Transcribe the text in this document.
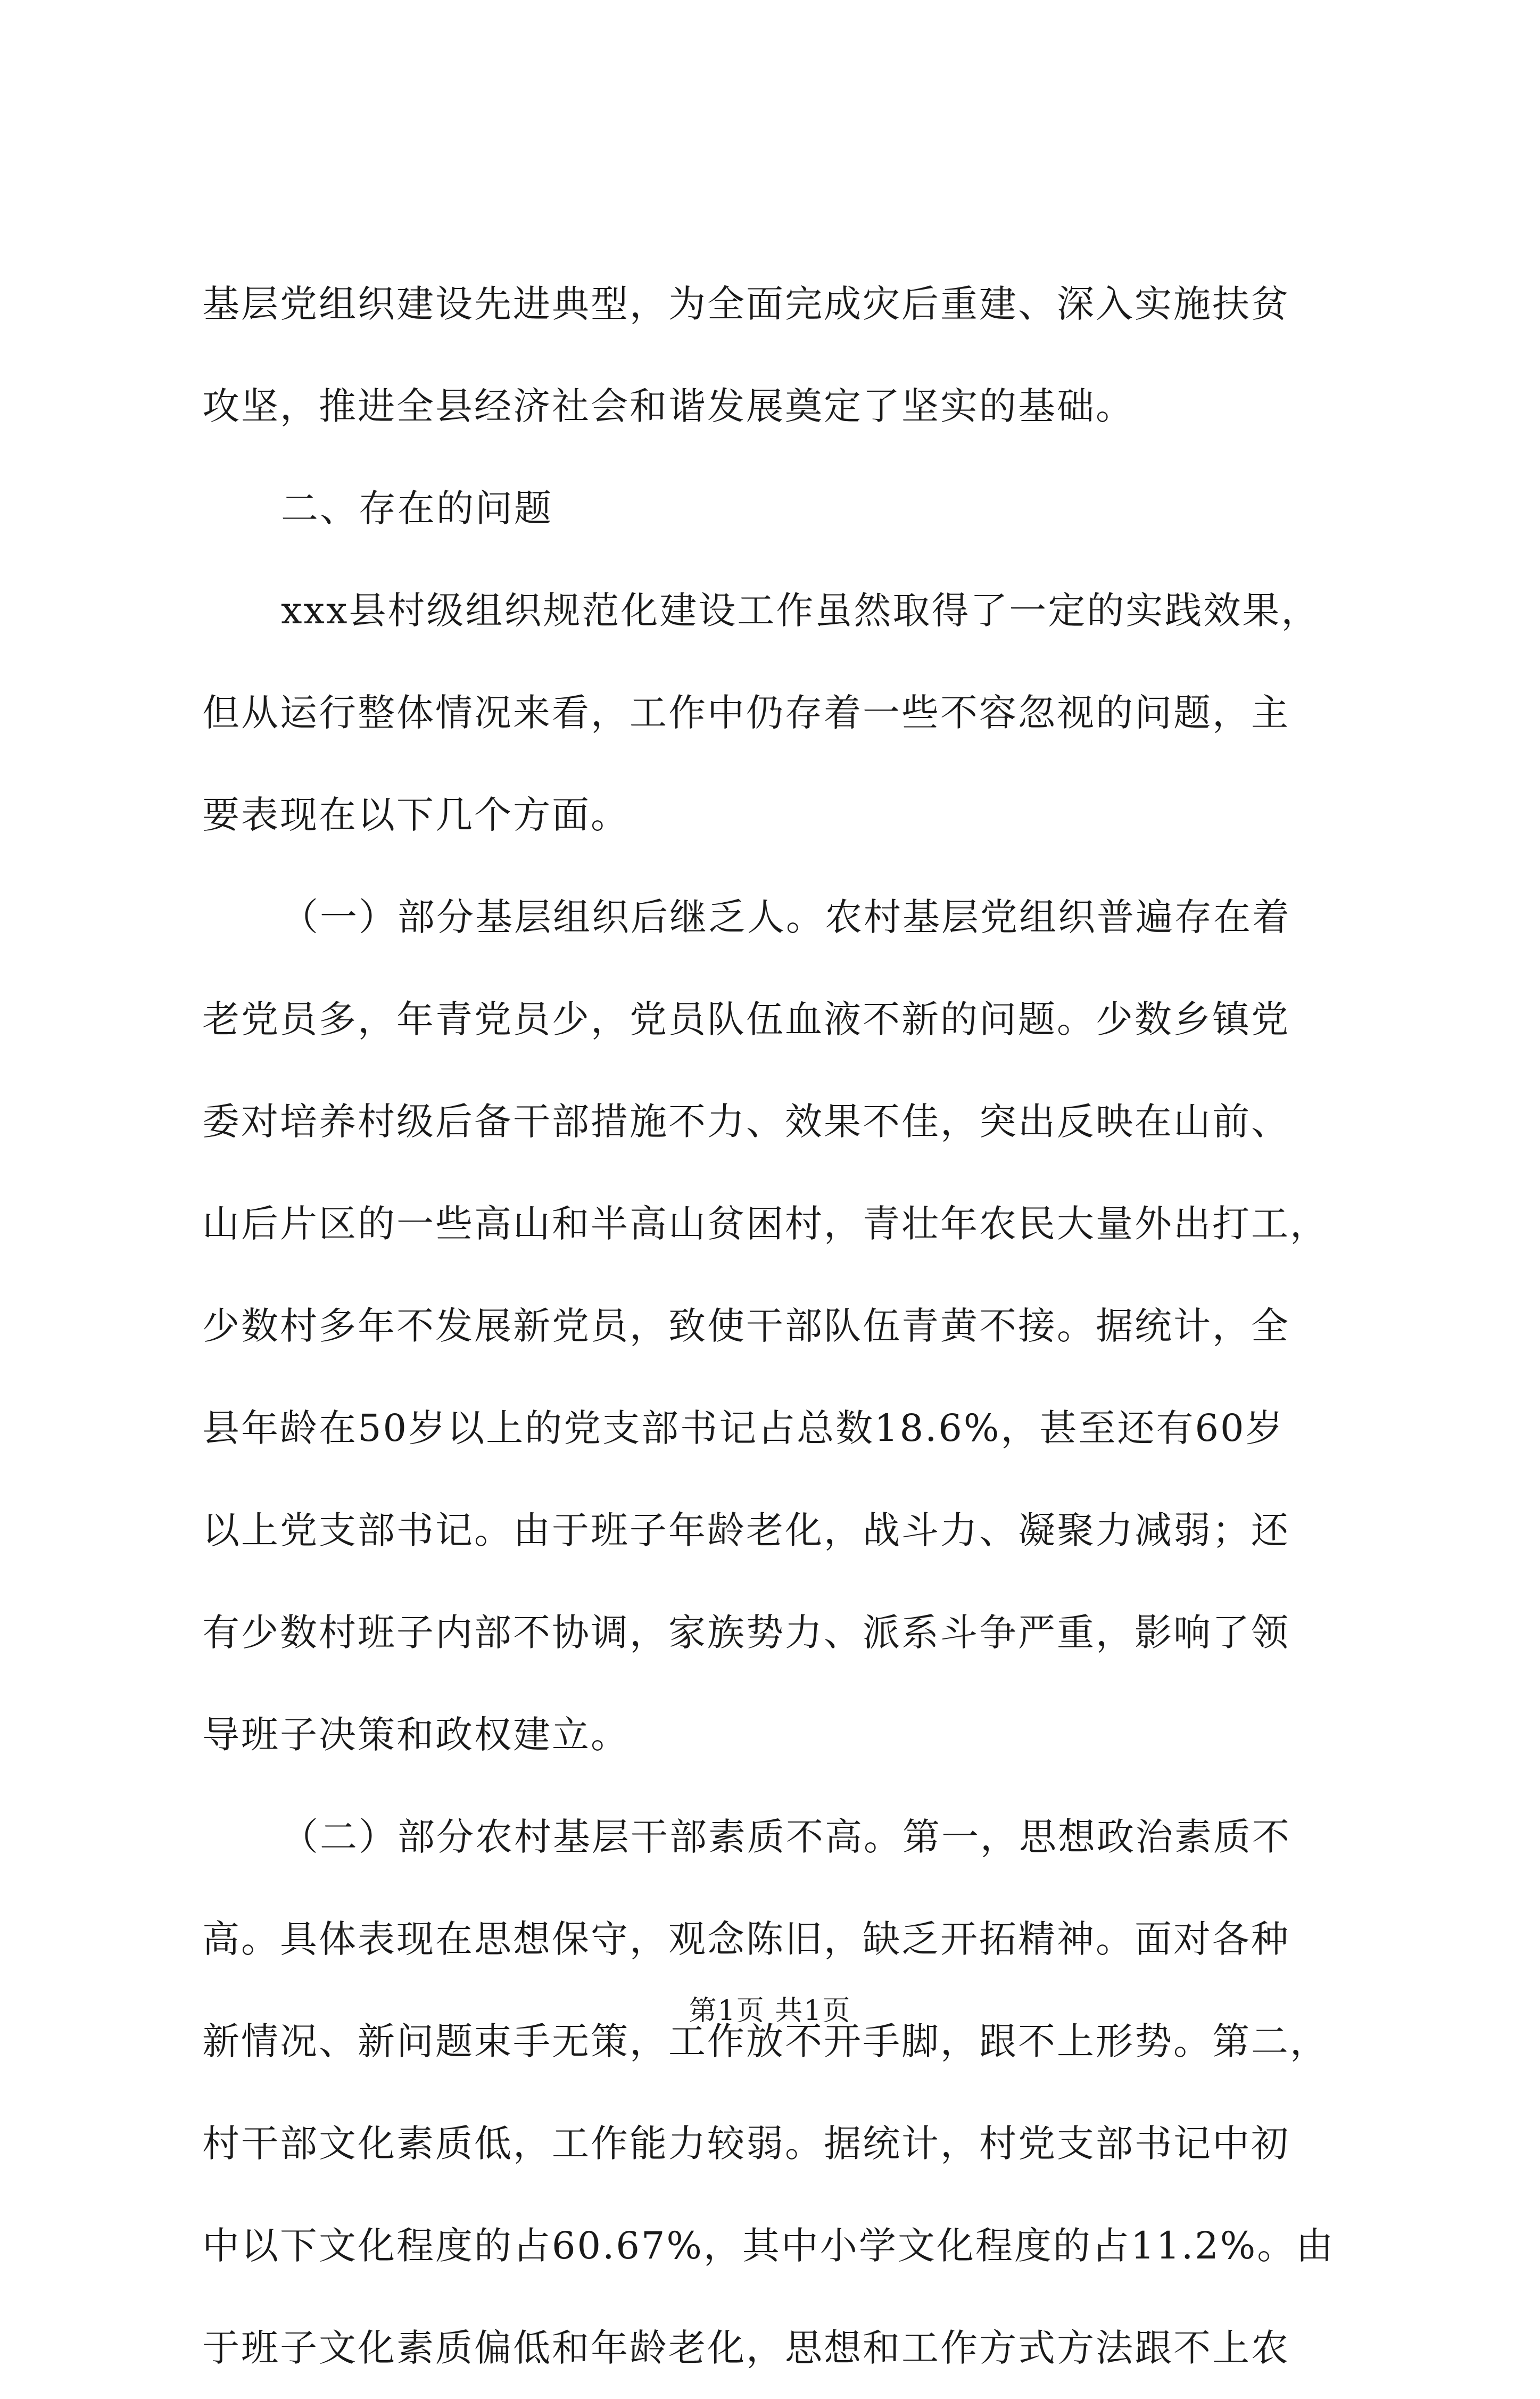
基层党组织建设先进典型，为全面完成灾后重建、深入实施扶贫
攻坚，推进全县经济社会和谐发展奠定了坚实的基础。
二、存在的问题
xxx县村级组织规范化建设工作虽然取得了一定的实践效果，
但从运行整体情况来看，工作中仍存着一些不容忽视的问题，主
要表现在以下几个方面。
（一）部分基层组织后继乏人。农村基层党组织普遍存在着
老党员多，年青党员少，党员队伍血液不新的问题。少数乡镇党
委对培养村级后备干部措施不力、效果不佳，突出反映在山前、
山后片区的一些高山和半高山贫困村，青壮年农民大量外出打工，
少数村多年不发展新党员，致使干部队伍青黄不接。据统计，全
县年龄在50岁以上的党支部书记占总数18.6%，甚至还有60岁
以上党支部书记。由于班子年龄老化，战斗力、凝聚力减弱；还
有少数村班子内部不协调，家族势力、派系斗争严重，影响了领
导班子决策和政权建立。
（二）部分农村基层干部素质不高。第一，思想政治素质不
高。具体表现在思想保守，观念陈旧，缺乏开拓精神。面对各种
新情况、新问题束手无策，工作放不开手脚，跟不上形势。第二，
村干部文化素质低，工作能力较弱。据统计，村党支部书记中初
中以下文化程度的占60.67%，其中小学文化程度的占11.2%。由
于班子文化素质偏低和年龄老化，思想和工作方式方法跟不上农
第1页 共1页
